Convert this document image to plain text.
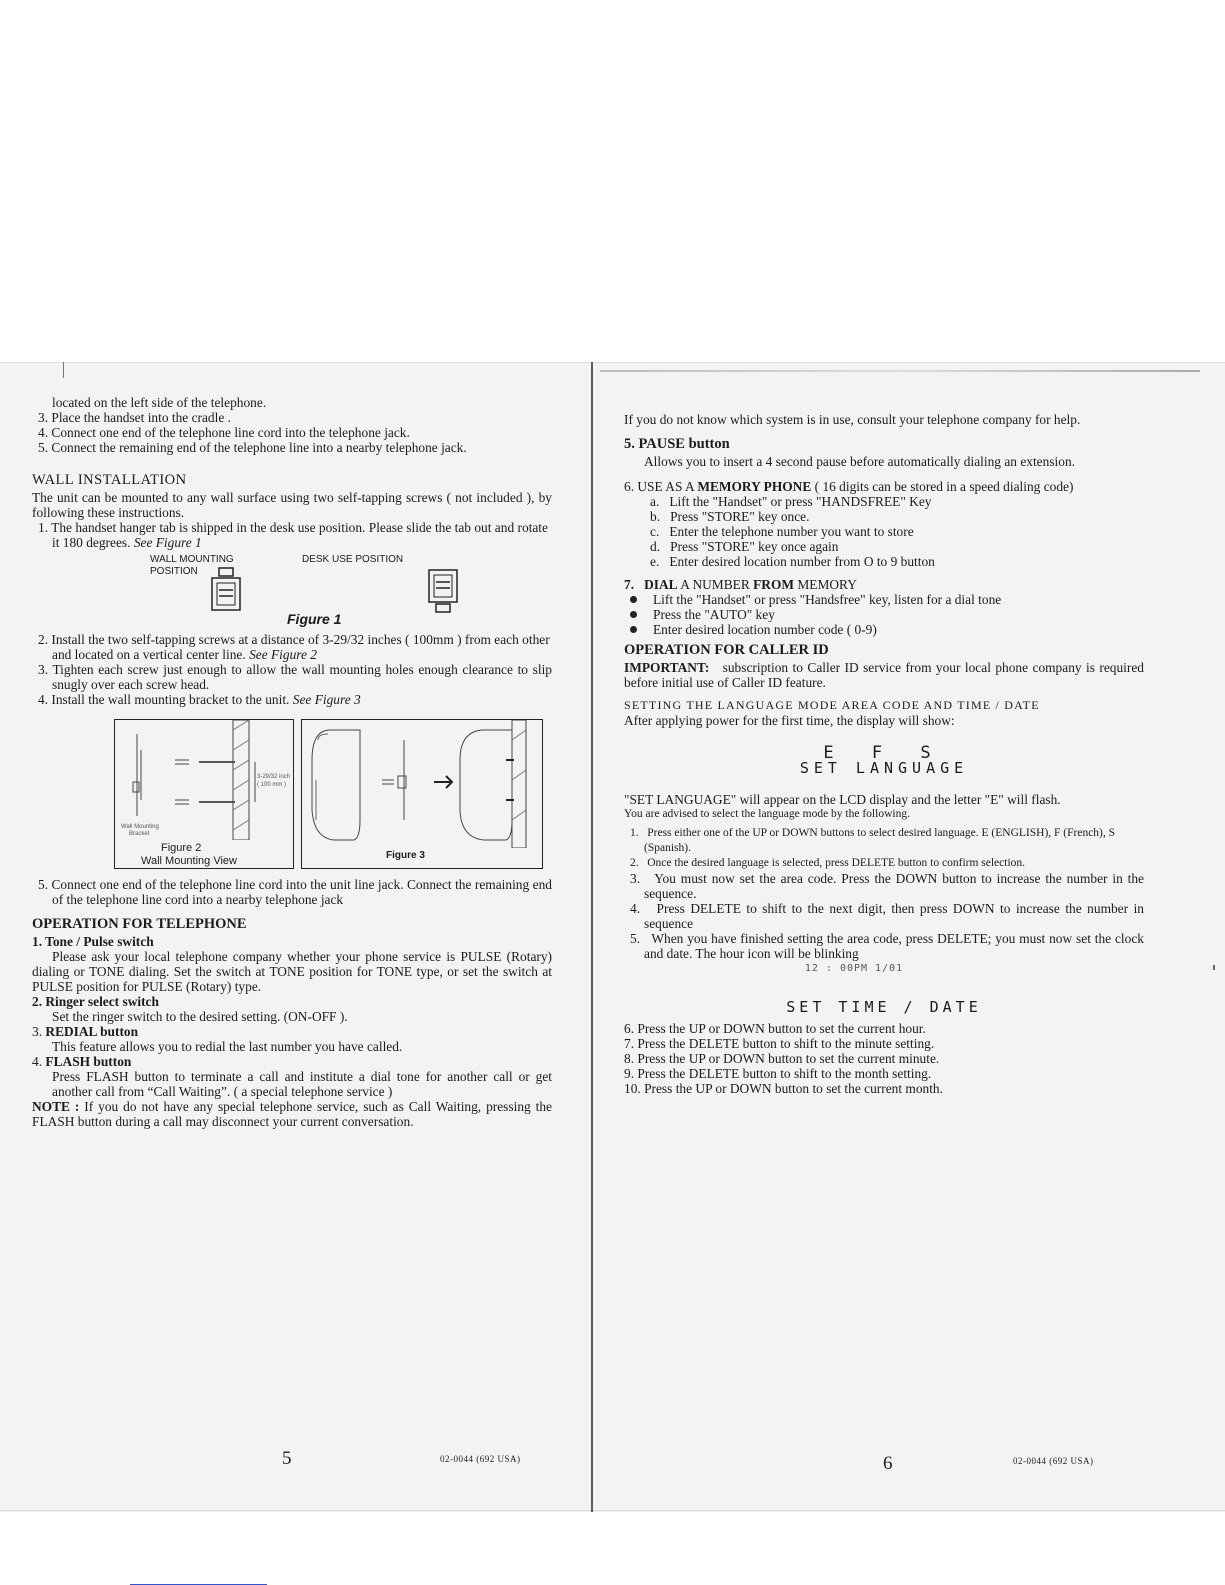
located on the left side of the telephone.

3. Place the handset into the cradle .

4. Connect one end of the telephone line cord into the telephone jack.

5. Connect the remaining end of the telephone line into a nearby telephone jack.

WALL INSTALLATION

The unit can be mounted to any wall surface using two self-tapping screws ( not included ), by following these instructions.

1. The handset hanger tab is shipped in the desk use position. Please slide the tab out and rotate it 180 degrees. See Figure 1

WALL MOUNTING
POSITION
DESK USE POSITION
Figure 1

2. Install the two self-tapping screws at a distance of 3-29/32 inches ( 100mm ) from each other and located on a vertical center line. See Figure 2

3. Tighten each screw just enough to allow the wall mounting holes enough clearance to slip snugly over each screw head.

4. Install the wall mounting bracket to the unit. See Figure 3

3-29/32 inch
( 100 mm )
Wall Mounting
Bracket
Figure 2
Wall Mounting View	Figure 3

5. Connect one end of the telephone line cord into the unit line jack. Connect the remaining end of the telephone line cord into a nearby telephone jack

OPERATION FOR TELEPHONE

1. Tone / Pulse switch

Please ask your local telephone company whether your phone service is PULSE (Rotary) dialing or TONE dialing. Set the switch at TONE position for TONE type, or set the switch at PULSE position for PULSE (Rotary) type.

2. Ringer select switch

Set the ringer switch to the desired setting. (ON-OFF ).

3. REDIAL button

This feature allows you to redial the last number you have called.

4. FLASH button

Press FLASH button to terminate a call and institute a dial tone for another call or get another call from “Call Waiting”. ( a special telephone service )

NOTE : If you do not have any special telephone service, such as Call Waiting, pressing the FLASH button during a call may disconnect your current conversation.

5	02-0044 (692 USA)

If you do not know which system is in use, consult your telephone company for help.

5. PAUSE button

Allows you to insert a 4 second pause before automatically dialing an extension.

6. USE AS A MEMORY PHONE ( 16 digits can be stored in a speed dialing code)

a. Lift the "Handset" or press "HANDSFREE" Key

b. Press "STORE" key once.

c. Enter the telephone number you want to store

d. Press "STORE" key once again

e. Enter desired location number from O to 9 button

7. DIAL A NUMBER FROM MEMORY

Lift the "Handset" or press "Handsfree" key, listen for a dial tone

Press the "AUTO" key

Enter desired location number code ( 0-9)

OPERATION FOR CALLER ID

IMPORTANT: subscription to Caller ID service from your local phone company is required before initial use of Caller ID feature.

SETTING THE LANGUAGE MODE AREA CODE AND TIME / DATE

After applying power for the first time, the display will show:

E F S
SET LANGUAGE

"SET LANGUAGE" will appear on the LCD display and the letter "E" will flash.

You are advised to select the language mode by the following.

1. Press either one of the UP or DOWN buttons to select desired language. E (ENGLISH), F (French), S (Spanish).

2. Once the desired language is selected, press DELETE button to confirm selection.

3. You must now set the area code. Press the DOWN button to increase the number in the sequence.

4. Press DELETE to shift to the next digit, then press DOWN to increase the number in sequence

5. When you have finished setting the area code, press DELETE; you must now set the clock and date. The hour icon will be blinking

12 : 00PM 1/01
SET TIME / DATE

6. Press the UP or DOWN button to set the current hour.

7. Press the DELETE button to shift to the minute setting.

8. Press the UP or DOWN button to set the current minute.

9. Press the DELETE button to shift to the month setting.

10. Press the UP or DOWN button to set the current month.

6	02-0044 (692 USA)
